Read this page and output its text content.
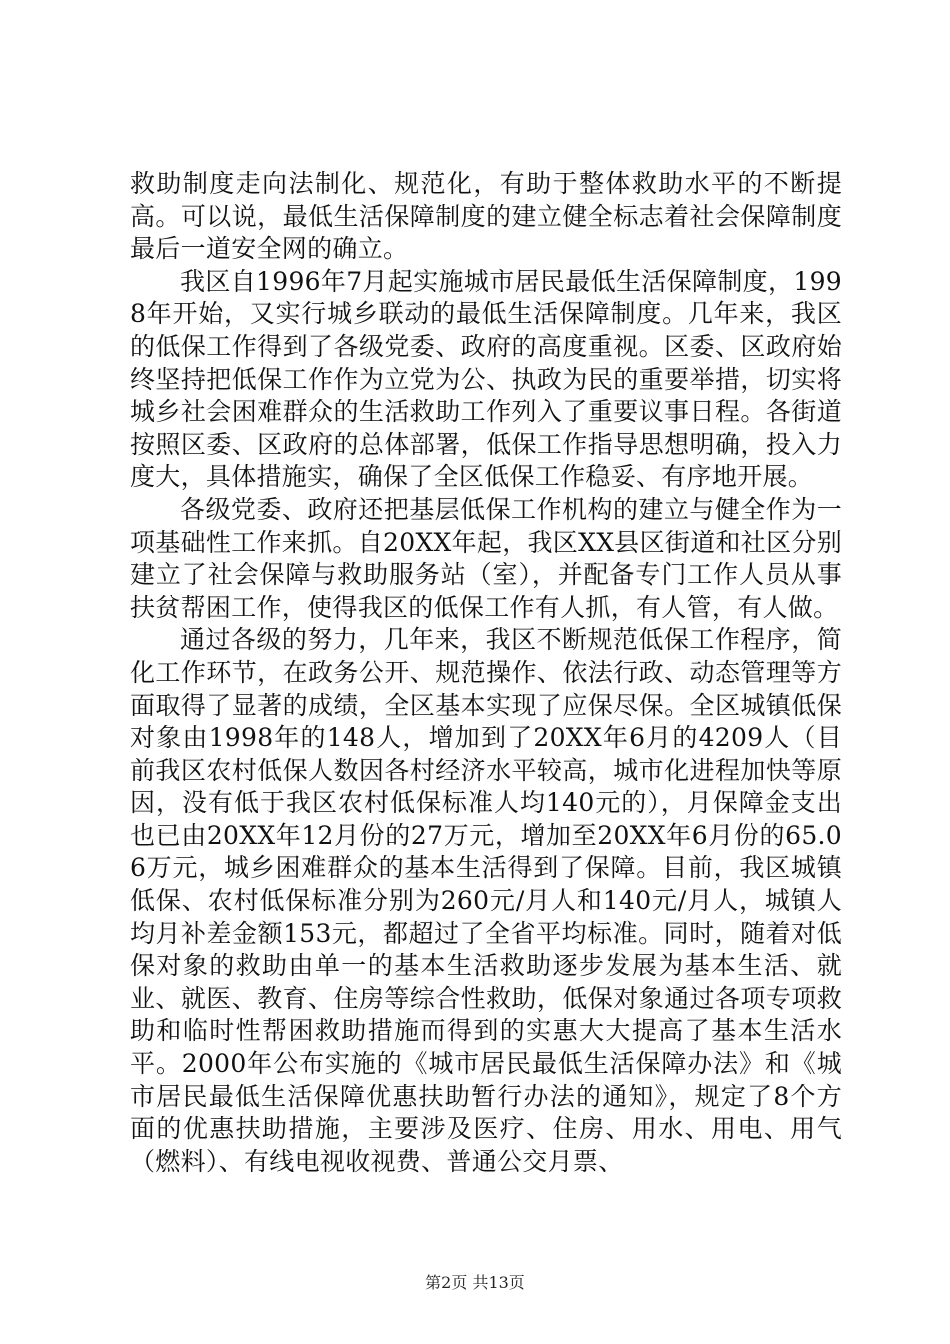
救助制度走向法制化、规范化，有助于整体救助水平的不断提高。可以说，最低生活保障制度的建立健全标志着社会保障制度最后一道安全网的确立。

我区自1996年7月起实施城市居民最低生活保障制度，1998年开始，又实行城乡联动的最低生活保障制度。几年来，我区的低保工作得到了各级党委、政府的高度重视。区委、区政府始终坚持把低保工作作为立党为公、执政为民的重要举措，切实将城乡社会困难群众的生活救助工作列入了重要议事日程。各街道按照区委、区政府的总体部署，低保工作指导思想明确，投入力度大，具体措施实，确保了全区低保工作稳妥、有序地开展。

各级党委、政府还把基层低保工作机构的建立与健全作为一项基础性工作来抓。自20XX年起，我区XX县区街道和社区分别建立了社会保障与救助服务站（室），并配备专门工作人员从事扶贫帮困工作，使得我区的低保工作有人抓，有人管，有人做。

通过各级的努力，几年来，我区不断规范低保工作程序，简化工作环节，在政务公开、规范操作、依法行政、动态管理等方面取得了显著的成绩，全区基本实现了应保尽保。全区城镇低保对象由1998年的148人，增加到了20XX年6月的4209人（目前我区农村低保人数因各村经济水平较高，城市化进程加快等原因，没有低于我区农村低保标准人均140元的），月保障金支出也已由20XX年12月份的27万元，增加至20XX年6月份的65.06万元，城乡困难群众的基本生活得到了保障。目前，我区城镇低保、农村低保标准分别为260元/月人和140元/月人，城镇人均月补差金额153元，都超过了全省平均标准。同时，随着对低保对象的救助由单一的基本生活救助逐步发展为基本生活、就业、就医、教育、住房等综合性救助，低保对象通过各项专项救助和临时性帮困救助措施而得到的实惠大大提高了基本生活水平。2000年公布实施的《城市居民最低生活保障办法》和《城市居民最低生活保障优惠扶助暂行办法的通知》，规定了8个方面的优惠扶助措施，主要涉及医疗、住房、用水、用电、用气（燃料）、有线电视收视费、普通公交月票、

第2页 共13页
